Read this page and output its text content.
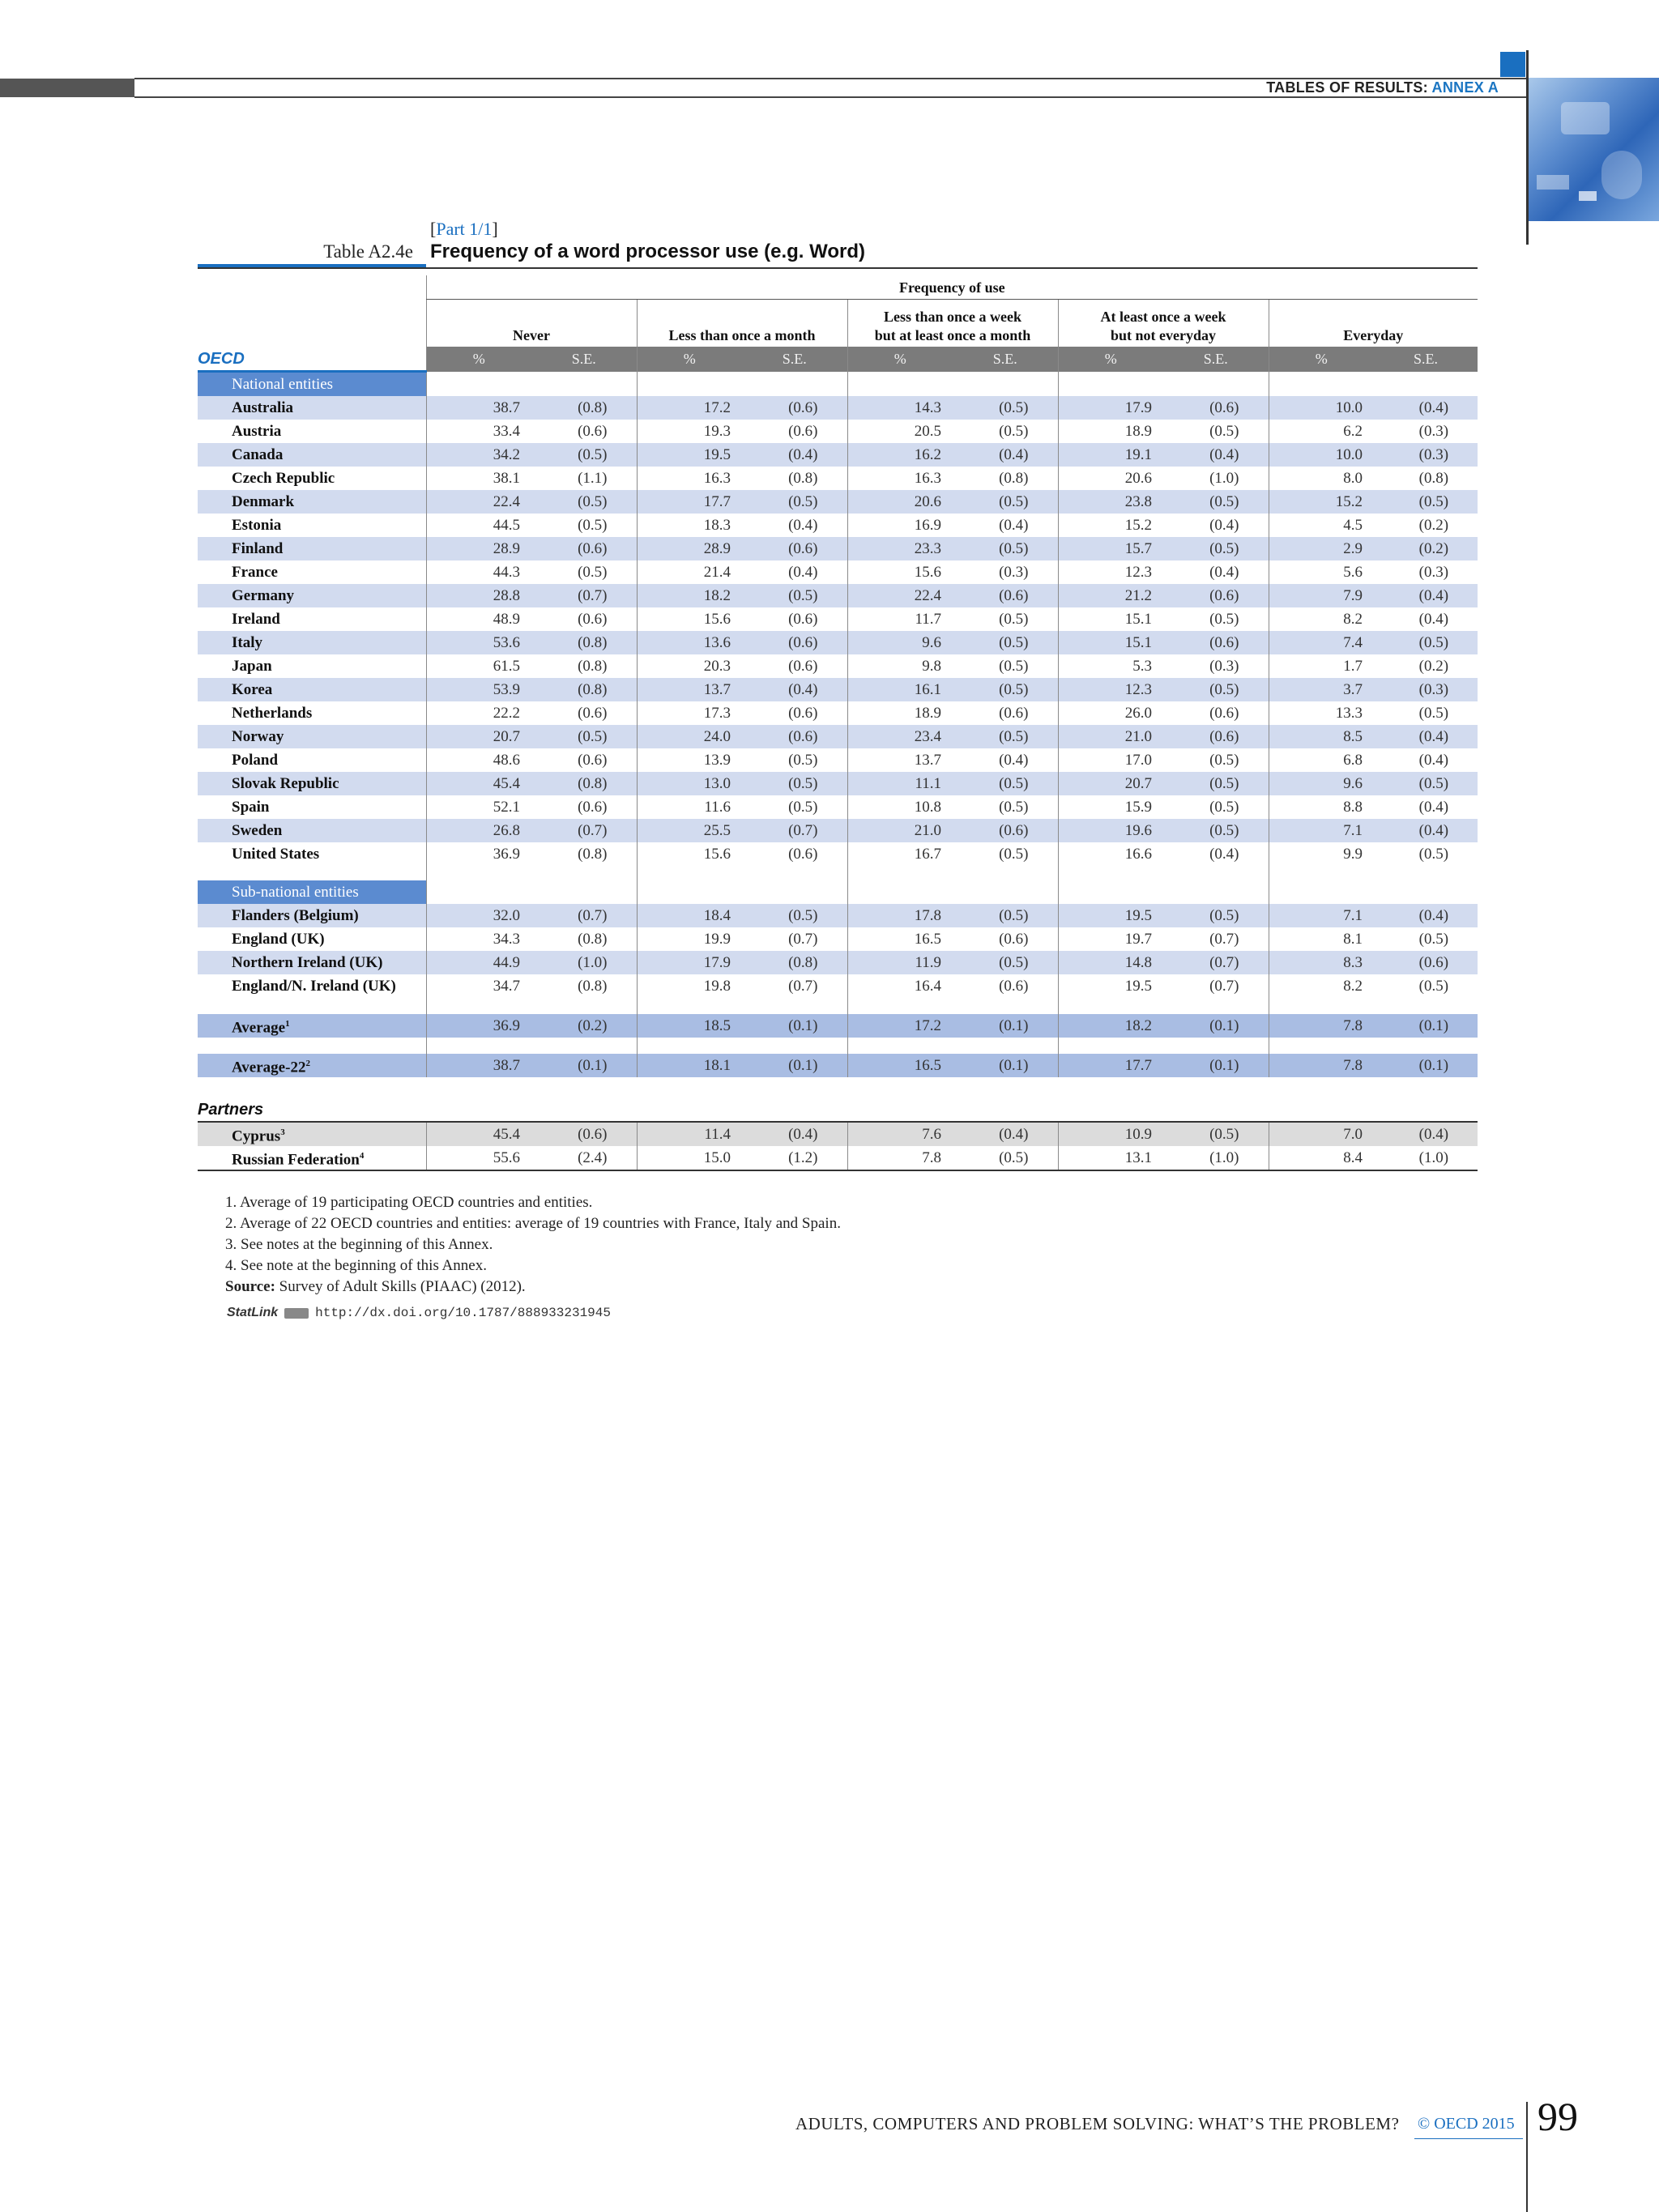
TABLES OF RESULTS: ANNEX A
[Part 1/1]
Table A2.4e Frequency of a word processor use (e.g. Word)
	Frequency of use									
	Never		Less than once a month		Less than once a week
but at least once a month		At least once a week
but not everyday		Everyday	
OECD	%	S.E.	%	S.E.	%	S.E.	%	S.E.	%	S.E.
National entities										
Australia	38.7	(0.8)	17.2	(0.6)	14.3	(0.5)	17.9	(0.6)	10.0	(0.4)
Austria	33.4	(0.6)	19.3	(0.6)	20.5	(0.5)	18.9	(0.5)	6.2	(0.3)
Canada	34.2	(0.5)	19.5	(0.4)	16.2	(0.4)	19.1	(0.4)	10.0	(0.3)
Czech Republic	38.1	(1.1)	16.3	(0.8)	16.3	(0.8)	20.6	(1.0)	8.0	(0.8)
Denmark	22.4	(0.5)	17.7	(0.5)	20.6	(0.5)	23.8	(0.5)	15.2	(0.5)
Estonia	44.5	(0.5)	18.3	(0.4)	16.9	(0.4)	15.2	(0.4)	4.5	(0.2)
Finland	28.9	(0.6)	28.9	(0.6)	23.3	(0.5)	15.7	(0.5)	2.9	(0.2)
France	44.3	(0.5)	21.4	(0.4)	15.6	(0.3)	12.3	(0.4)	5.6	(0.3)
Germany	28.8	(0.7)	18.2	(0.5)	22.4	(0.6)	21.2	(0.6)	7.9	(0.4)
Ireland	48.9	(0.6)	15.6	(0.6)	11.7	(0.5)	15.1	(0.5)	8.2	(0.4)
Italy	53.6	(0.8)	13.6	(0.6)	9.6	(0.5)	15.1	(0.6)	7.4	(0.5)
Japan	61.5	(0.8)	20.3	(0.6)	9.8	(0.5)	5.3	(0.3)	1.7	(0.2)
Korea	53.9	(0.8)	13.7	(0.4)	16.1	(0.5)	12.3	(0.5)	3.7	(0.3)
Netherlands	22.2	(0.6)	17.3	(0.6)	18.9	(0.6)	26.0	(0.6)	13.3	(0.5)
Norway	20.7	(0.5)	24.0	(0.6)	23.4	(0.5)	21.0	(0.6)	8.5	(0.4)
Poland	48.6	(0.6)	13.9	(0.5)	13.7	(0.4)	17.0	(0.5)	6.8	(0.4)
Slovak Republic	45.4	(0.8)	13.0	(0.5)	11.1	(0.5)	20.7	(0.5)	9.6	(0.5)
Spain	52.1	(0.6)	11.6	(0.5)	10.8	(0.5)	15.9	(0.5)	8.8	(0.4)
Sweden	26.8	(0.7)	25.5	(0.7)	21.0	(0.6)	19.6	(0.5)	7.1	(0.4)
United States	36.9	(0.8)	15.6	(0.6)	16.7	(0.5)	16.6	(0.4)	9.9	(0.5)

Sub-national entities										
Flanders (Belgium)	32.0	(0.7)	18.4	(0.5)	17.8	(0.5)	19.5	(0.5)	7.1	(0.4)
England (UK)	34.3	(0.8)	19.9	(0.7)	16.5	(0.6)	19.7	(0.7)	8.1	(0.5)
Northern Ireland (UK)	44.9	(1.0)	17.9	(0.8)	11.9	(0.5)	14.8	(0.7)	8.3	(0.6)
England/N. Ireland (UK)	34.7	(0.8)	19.8	(0.7)	16.4	(0.6)	19.5	(0.7)	8.2	(0.5)

Average$^1$	36.9	(0.2)	18.5	(0.1)	17.2	(0.1)	18.2	(0.1)	7.8	(0.1)

Average-$22^2$	38.7	(0.1)	18.1	(0.1)	16.5	(0.1)	17.7	(0.1)	7.8	(0.1)
Partners										
Cyprus$^3$	45.4	(0.6)	11.4	(0.4)	7.6	(0.4)	10.9	(0.5)	7.0	(0.4)
Russian Federation$^4$	55.6	(2.4)	15.0	(1.2)	7.8	(0.5)	13.1	(1.0)	8.4	(1.0)
1. Average of 19 participating OECD countries and entities.
2. Average of 22 OECD countries and entities: average of 19 countries with France, Italy and Spain.
3. See notes at the beginning of this Annex.
4. See note at the beginning of this Annex.
Source: Survey of Adult Skills (PIAAC) (2012).
StatLink	http://dx.doi.org/10.1787/888933231945
ADULTS, COMPUTERS AND PROBLEM SOLVING: WHAT’S THE PROBLEM? © OECD 2015 99
